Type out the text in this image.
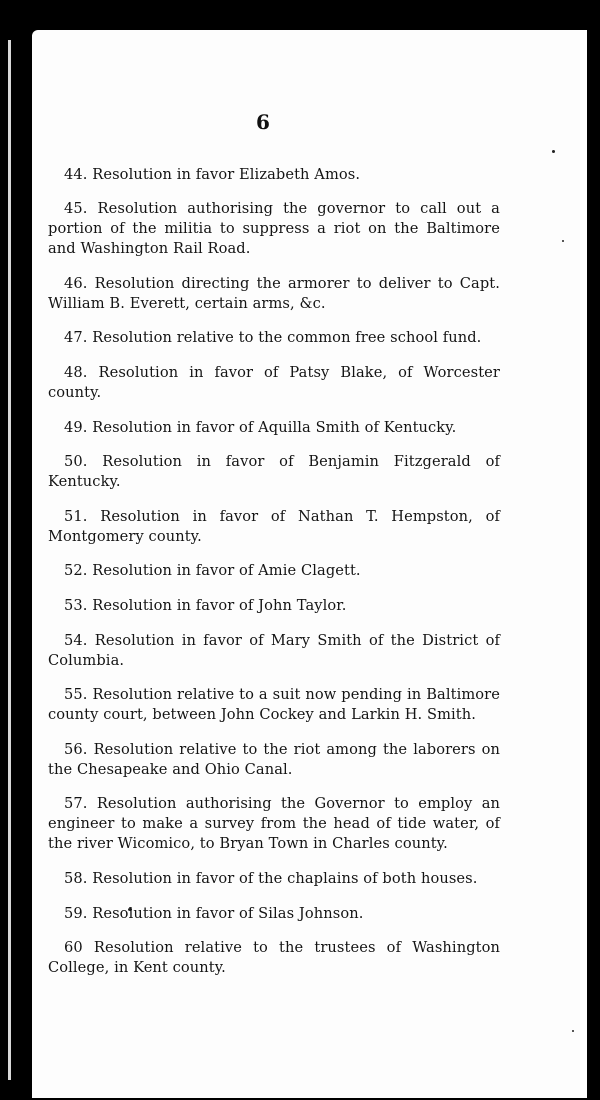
6

44. Resolution in favor Elizabeth Amos.

45. Resolution authorising the governor to call out a portion of the militia to suppress a riot on the Baltimore and Washington Rail Road.

46. Resolution directing the armorer to deliver to Capt. William B. Everett, certain arms, &c.

47. Resolution relative to the common free school fund.

48. Resolution in favor of Patsy Blake, of Worcester county.

49. Resolution in favor of Aquilla Smith of Kentucky.

50. Resolution in favor of Benjamin Fitzgerald of Kentucky.

51. Resolution in favor of Nathan T. Hempston, of Montgomery county.

52. Resolution in favor of Amie Clagett.

53. Resolution in favor of John Taylor.

54. Resolution in favor of Mary Smith of the District of Columbia.

55. Resolution relative to a suit now pending in Baltimore county court, between John Cockey and Larkin H. Smith.

56. Resolution relative to the riot among the laborers on the Chesapeake and Ohio Canal.

57. Resolution authorising the Governor to employ an engineer to make a survey from the head of tide water, of the river Wicomico, to Bryan Town in Charles county.

58. Resolution in favor of the chaplains of both houses.

59. Resolution in favor of Silas Johnson.

60 Resolution relative to the trustees of Washington College, in Kent county.
